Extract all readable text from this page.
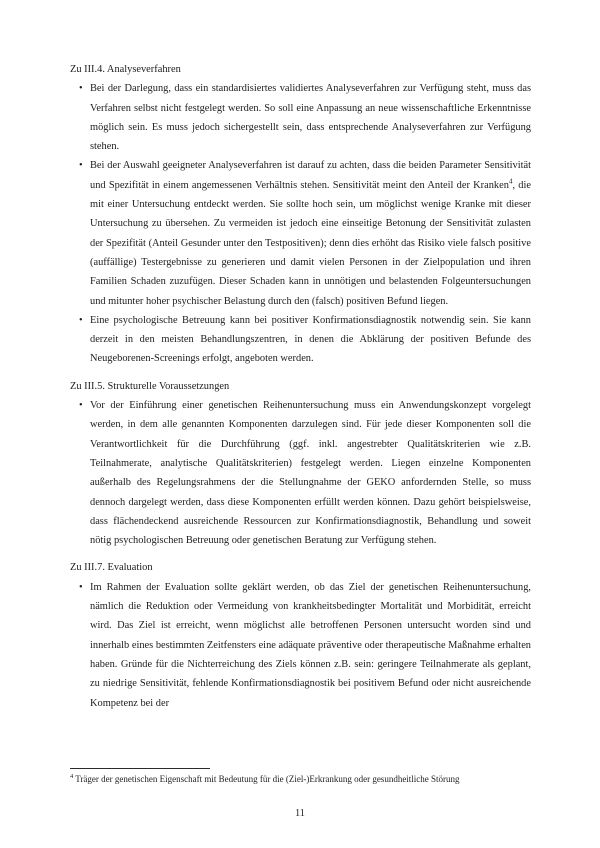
Zu III.4. Analyseverfahren
• Bei der Darlegung, dass ein standardisiertes validiertes Analyseverfahren zur Verfügung steht, muss das Verfahren selbst nicht festgelegt werden. So soll eine Anpassung an neue wissenschaftliche Erkenntnisse möglich sein. Es muss jedoch sichergestellt sein, dass entsprechende Analyseverfahren zur Verfügung stehen.

• Bei der Auswahl geeigneter Analyseverfahren ist darauf zu achten, dass die beiden Parameter Sensitivität und Spezifität in einem angemessenen Verhältnis stehen. Sensitivität meint den Anteil der Kranken$^4$, die mit einer Untersuchung entdeckt werden. Sie sollte hoch sein, um möglichst wenige Kranke mit dieser Untersuchung zu übersehen. Zu vermeiden ist jedoch eine einseitige Betonung der Sensitivität zulasten der Spezifität (Anteil Gesunder unter den Testpositiven); denn dies erhöht das Risiko viele falsch positive (auffällige) Testergebnisse zu generieren und damit vielen Personen in der Zielpopulation und ihren Familien Schaden zuzufügen. Dieser Schaden kann in unnötigen und belastenden Folgeuntersuchungen und mitunter hoher psychischer Belastung durch den (falsch) positiven Befund liegen.

• Eine psychologische Betreuung kann bei positiver Konfirmationsdiagnostik notwendig sein. Sie kann derzeit in den meisten Behandlungszentren, in denen die Abklärung der positiven Befunde des Neugeborenen-Screenings erfolgt, angeboten werden.

Zu III.5. Strukturelle Voraussetzungen
• Vor der Einführung einer genetischen Reihenuntersuchung muss ein Anwendungskonzept vorgelegt werden, in dem alle genannten Komponenten darzulegen sind. Für jede dieser Komponenten soll die Verantwortlichkeit für die Durchführung (ggf. inkl. angestrebter Qualitätskriterien wie z.B. Teilnahmerate, analytische Qualitätskriterien) festgelegt werden. Liegen einzelne Komponenten außerhalb des Regelungsrahmens der die Stellungnahme der GEKO anfordernden Stelle, so muss dennoch dargelegt werden, dass diese Komponenten erfüllt werden können. Dazu gehört beispielsweise, dass flächendeckend ausreichende Ressourcen zur Konfirmationsdiagnostik, Behandlung und soweit nötig psychologischen Betreuung oder genetischen Beratung zur Verfügung stehen.

Zu III.7. Evaluation
• Im Rahmen der Evaluation sollte geklärt werden, ob das Ziel der genetischen Reihenuntersuchung, nämlich die Reduktion oder Vermeidung von krankheitsbedingter Mortalität und Morbidität, erreicht wird. Das Ziel ist erreicht, wenn möglichst alle betroffenen Personen untersucht worden sind und innerhalb eines bestimmten Zeitfensters eine adäquate präventive oder therapeutische Maßnahme erhalten haben. Gründe für die Nichterreichung des Ziels können z.B. sein: geringere Teilnahmerate als geplant, zu niedrige Sensitivität, fehlende Konfirmationsdiagnostik bei positivem Befund oder nicht ausreichende Kompetenz bei der

$^4$ Träger der genetischen Eigenschaft mit Bedeutung für die (Ziel-)Erkrankung oder gesundheitliche Störung

11
